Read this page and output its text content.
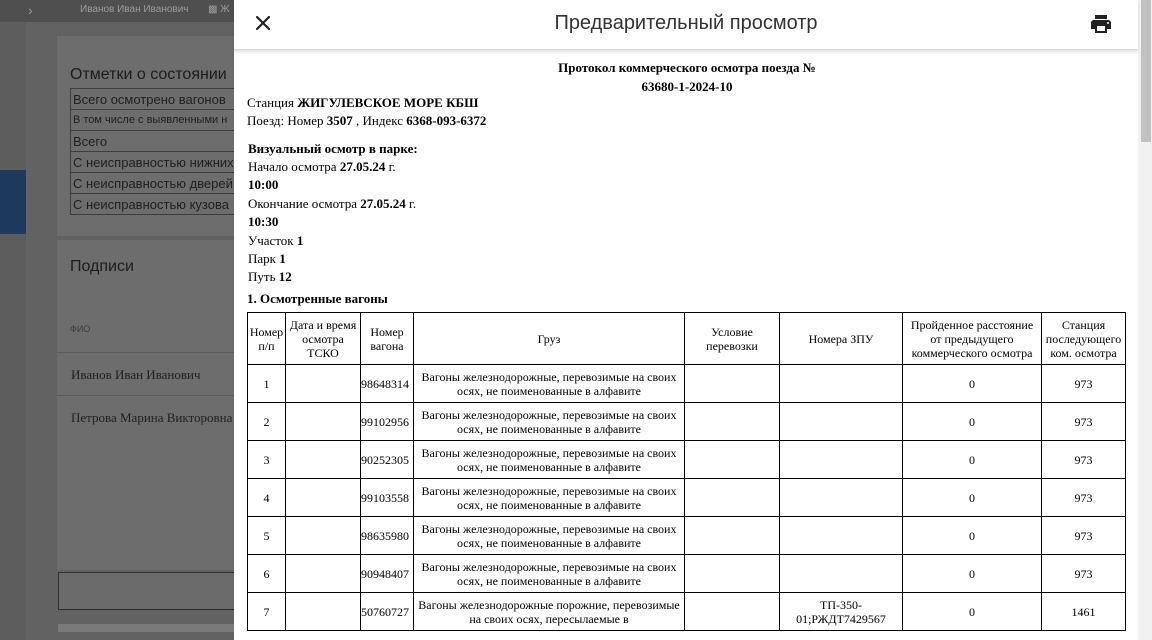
›	Иванов Иван Иванович ▩ Ж
Отметки о состоянии
Всего осмотрено вагонов
В том числе с выявленными н
Всего
С неисправностью нижних
С неисправностью дверей
С неисправностью кузова
Подписи
ФИО
Иванов Иван Иванович
Петрова Марина Викторовна
Предварительный просмотр
Протокол коммерческого осмотра поезда №
63680-1-2024-10
Станция ЖИГУЛЕВСКОЕ МОРЕ КБШ
Поезд: Номер 3507 , Индекс 6368-093-6372
Визуальный осмотр в парке:
Начало осмотра 27.05.24 г.
10:00
Окончание осмотра 27.05.24 г.
10:30
Участок 1
Парк 1
Путь 12
1. Осмотренные вагоны
Номер п/п	Дата и время осмотра ТСКО	Номер вагона	Груз	Условие перевозки	Номера ЗПУ	Пройденное расстояние от предыдущего коммерческого осмотра	Станция последующего ком. осмотра
1		98648314	Вагоны железнодорожные, перевозимые на своих осях, не поименованные в алфавите			0	973
2		99102956	Вагоны железнодорожные, перевозимые на своих осях, не поименованные в алфавите			0	973
3		90252305	Вагоны железнодорожные, перевозимые на своих осях, не поименованные в алфавите			0	973
4		99103558	Вагоны железнодорожные, перевозимые на своих осях, не поименованные в алфавите			0	973
5		98635980	Вагоны железнодорожные, перевозимые на своих осях, не поименованные в алфавите			0	973
6		90948407	Вагоны железнодорожные, перевозимые на своих осях, не поименованные в алфавите			0	973
7		50760727	Вагоны железнодорожные порожние, перевозимые на своих осях, пересылаемые в		ТП-350-01;РЖДТ7429567	0	1461
